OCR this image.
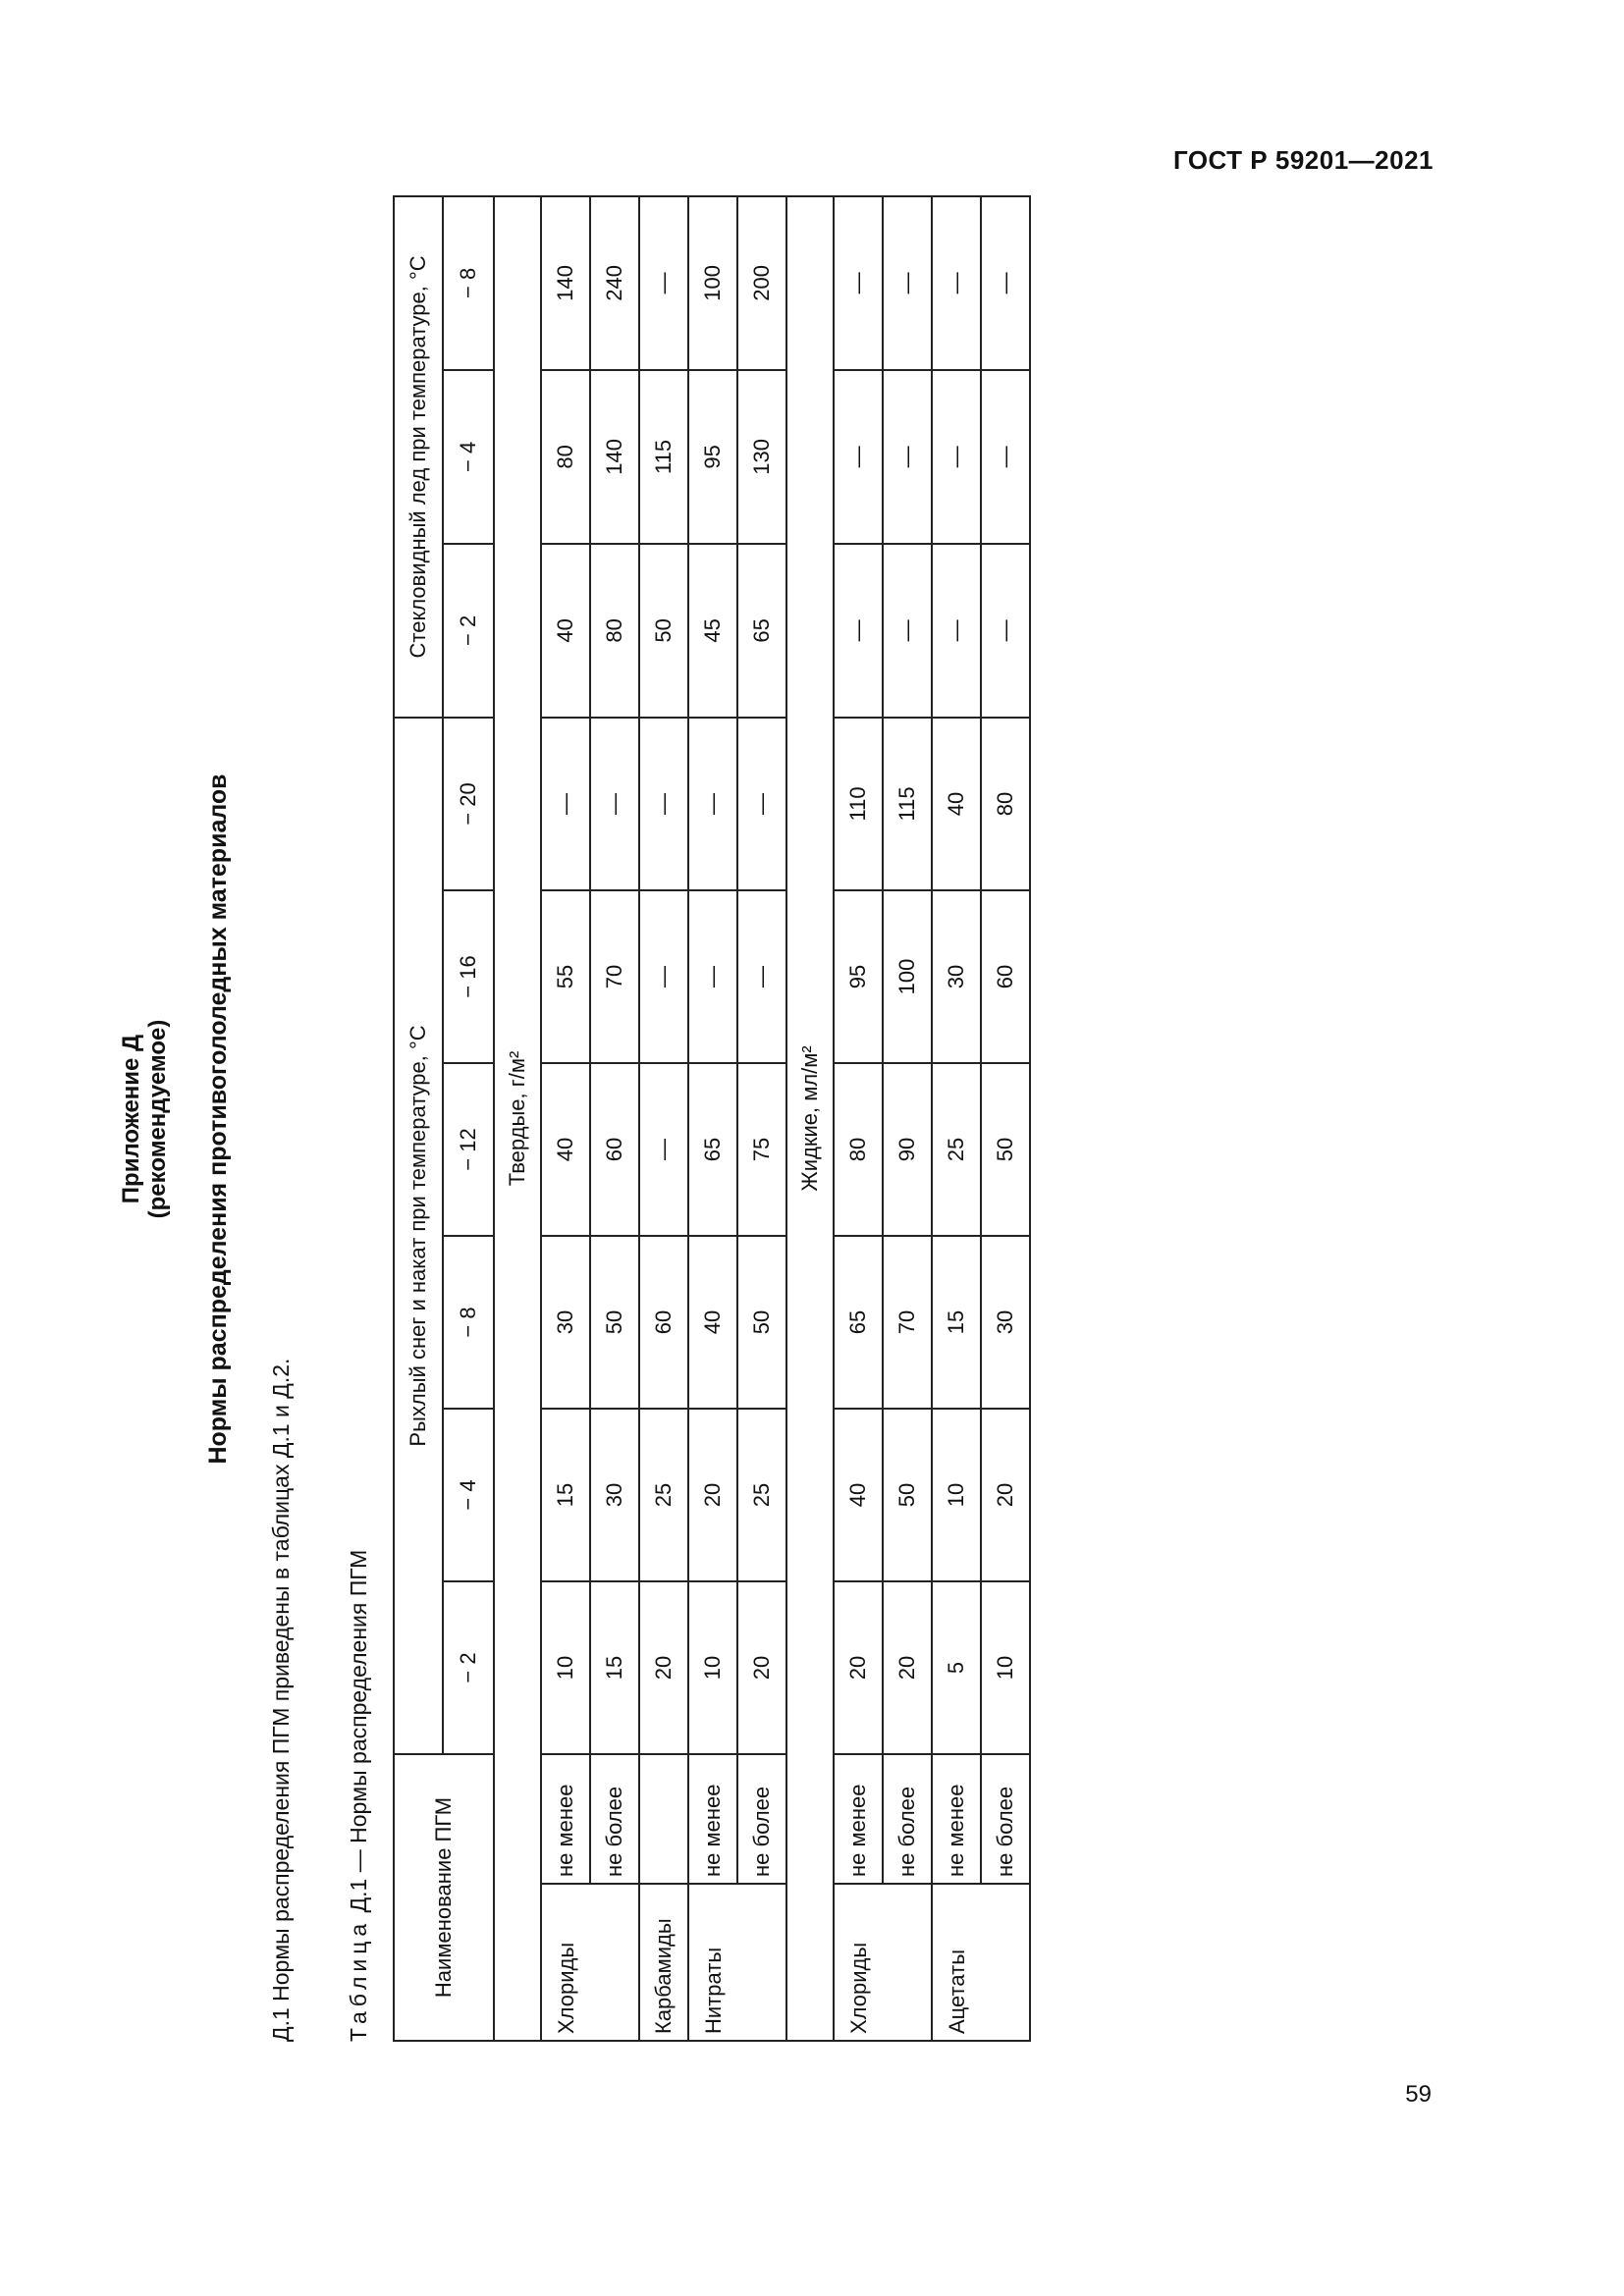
ГОСТ Р 59201—2021
59
Приложение Д (рекомендуемое) Нормы распределения противогололедных материалов
Д.1 Нормы распределения ПГМ приведены в таблицах Д.1 и Д.2. Таблица Д.1 — Нормы распределения ПГМ	Наименование ПГМ		Рыхлый снег и накат при температуре, °С						Стекловидный лед при температуре, °С		
		− 2	− 4	− 8	− 12	− 16	− 20	− 2	− 4	− 8
Твердые, г/м²										
Хлориды	не менее	10	15	30	40	55	—	40	80	140
	не более	15	30	50	60	70	—	80	140	240
Карбамиды		20	25	60	—	—	—	50	115	—
Нитраты	не менее	10	20	40	65	—	—	45	95	100
	не более	20	25	50	75	—	—	65	130	200
Жидкие, мл/м²										
Хлориды	не менее	20	40	65	80	95	110	—	—	—
	не более	20	50	70	90	100	115	—	—	—
Ацетаты	не менее	5	10	15	25	30	40	—	—	—
	не более	10	20	30	50	60	80	—	—	—
